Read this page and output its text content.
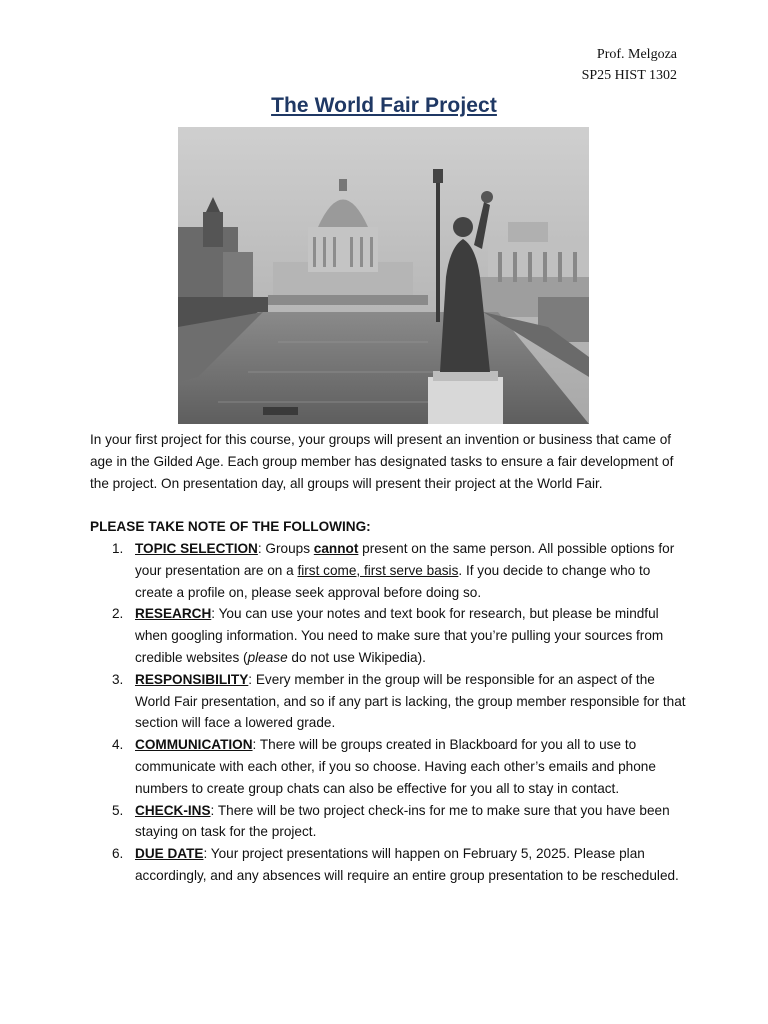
Prof. Melgoza
SP25 HIST 1302
The World Fair Project

In your first project for this course, your groups will present an invention or business that came of age in the Gilded Age. Each group member has designated tasks to ensure a fair development of the project. On presentation day, all groups will present their project at the World Fair.

PLEASE TAKE NOTE OF THE FOLLOWING:
1. TOPIC SELECTION: Groups cannot present on the same person. All possible options for your presentation are on a first come, first serve basis. If you decide to change who to create a profile on, please seek approval before doing so.
2. RESEARCH: You can use your notes and text book for research, but please be mindful when googling information. You need to make sure that you’re pulling your sources from credible websites (please do not use Wikipedia).
3. RESPONSIBILITY: Every member in the group will be responsible for an aspect of the World Fair presentation, and so if any part is lacking, the group member responsible for that section will face a lowered grade.
4. COMMUNICATION: There will be groups created in Blackboard for you all to use to communicate with each other, if you so choose. Having each other’s emails and phone numbers to create group chats can also be effective for you all to stay in contact.
5. CHECK-INS: There will be two project check-ins for me to make sure that you have been staying on task for the project.
6. DUE DATE: Your project presentations will happen on February 5, 2025. Please plan accordingly, and any absences will require an entire group presentation to be rescheduled.
